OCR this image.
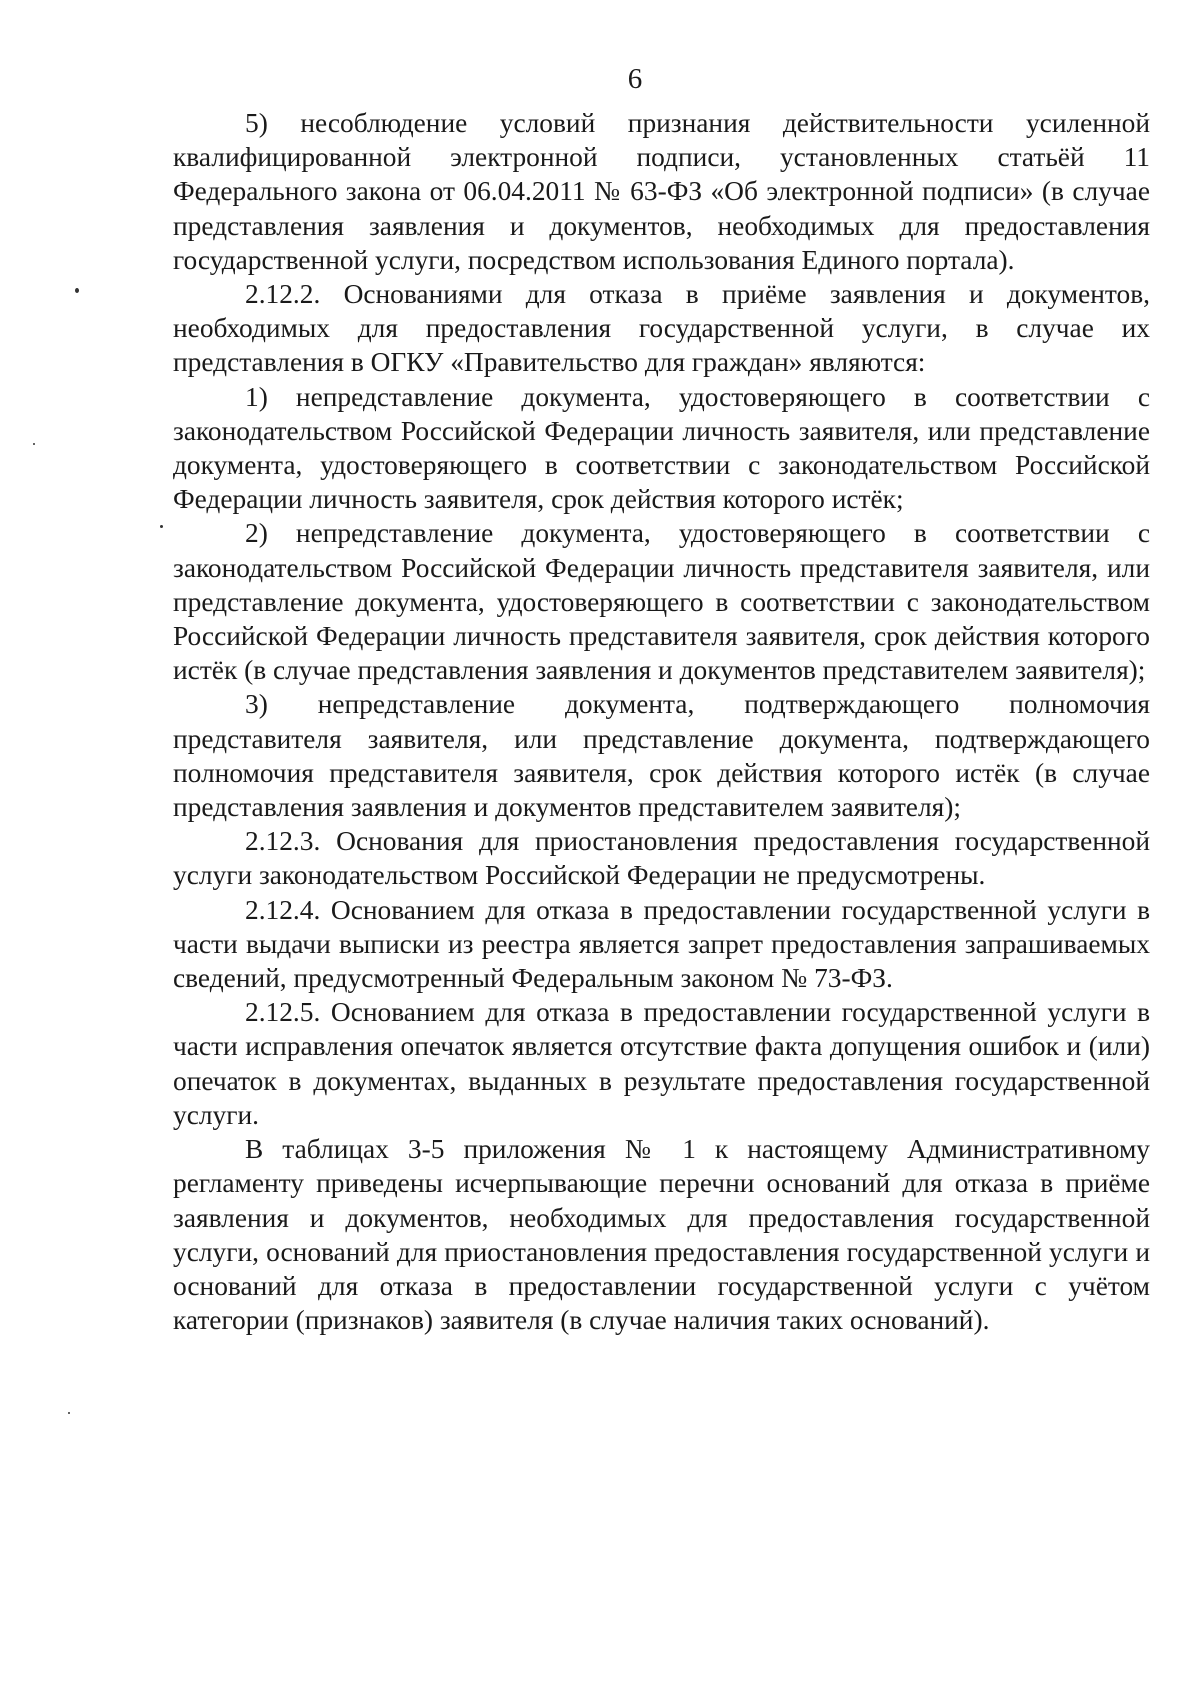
6

5) несоблюдение условий признания действительности усиленной квалифицированной электронной подписи, установленных статьёй 11 Федерального закона от 06.04.2011 № 63-ФЗ «Об электронной подписи» (в случае представления заявления и документов, необходимых для предоставления государственной услуги, посредством использования Единого портала).

2.12.2. Основаниями для отказа в приёме заявления и документов, необходимых для предоставления государственной услуги, в случае их представления в ОГКУ «Правительство для граждан» являются:

1) непредставление документа, удостоверяющего в соответствии с законодательством Российской Федерации личность заявителя, или представление документа, удостоверяющего в соответствии с законодательством Российской Федерации личность заявителя, срок действия которого истёк;

2) непредставление документа, удостоверяющего в соответствии с законодательством Российской Федерации личность представителя заявителя, или представление документа, удостоверяющего в соответствии с законодательством Российской Федерации личность представителя заявителя, срок действия которого истёк (в случае представления заявления и документов представителем заявителя);

3) непредставление документа, подтверждающего полномочия представителя заявителя, или представление документа, подтверждающего полномочия представителя заявителя, срок действия которого истёк (в случае представления заявления и документов представителем заявителя);

2.12.3. Основания для приостановления предоставления государственной услуги законодательством Российской Федерации не предусмотрены.

2.12.4. Основанием для отказа в предоставлении государственной услуги в части выдачи выписки из реестра является запрет предоставления запрашиваемых сведений, предусмотренный Федеральным законом № 73-ФЗ.

2.12.5. Основанием для отказа в предоставлении государственной услуги в части исправления опечаток является отсутствие факта допущения ошибок и (или) опечаток в документах, выданных в результате предоставления государственной услуги.

В таблицах 3-5 приложения № 1 к настоящему Административному регламенту приведены исчерпывающие перечни оснований для отказа в приёме заявления и документов, необходимых для предоставления государственной услуги, оснований для приостановления предоставления государственной услуги и оснований для отказа в предоставлении государственной услуги с учётом категории (признаков) заявителя (в случае наличия таких оснований).
